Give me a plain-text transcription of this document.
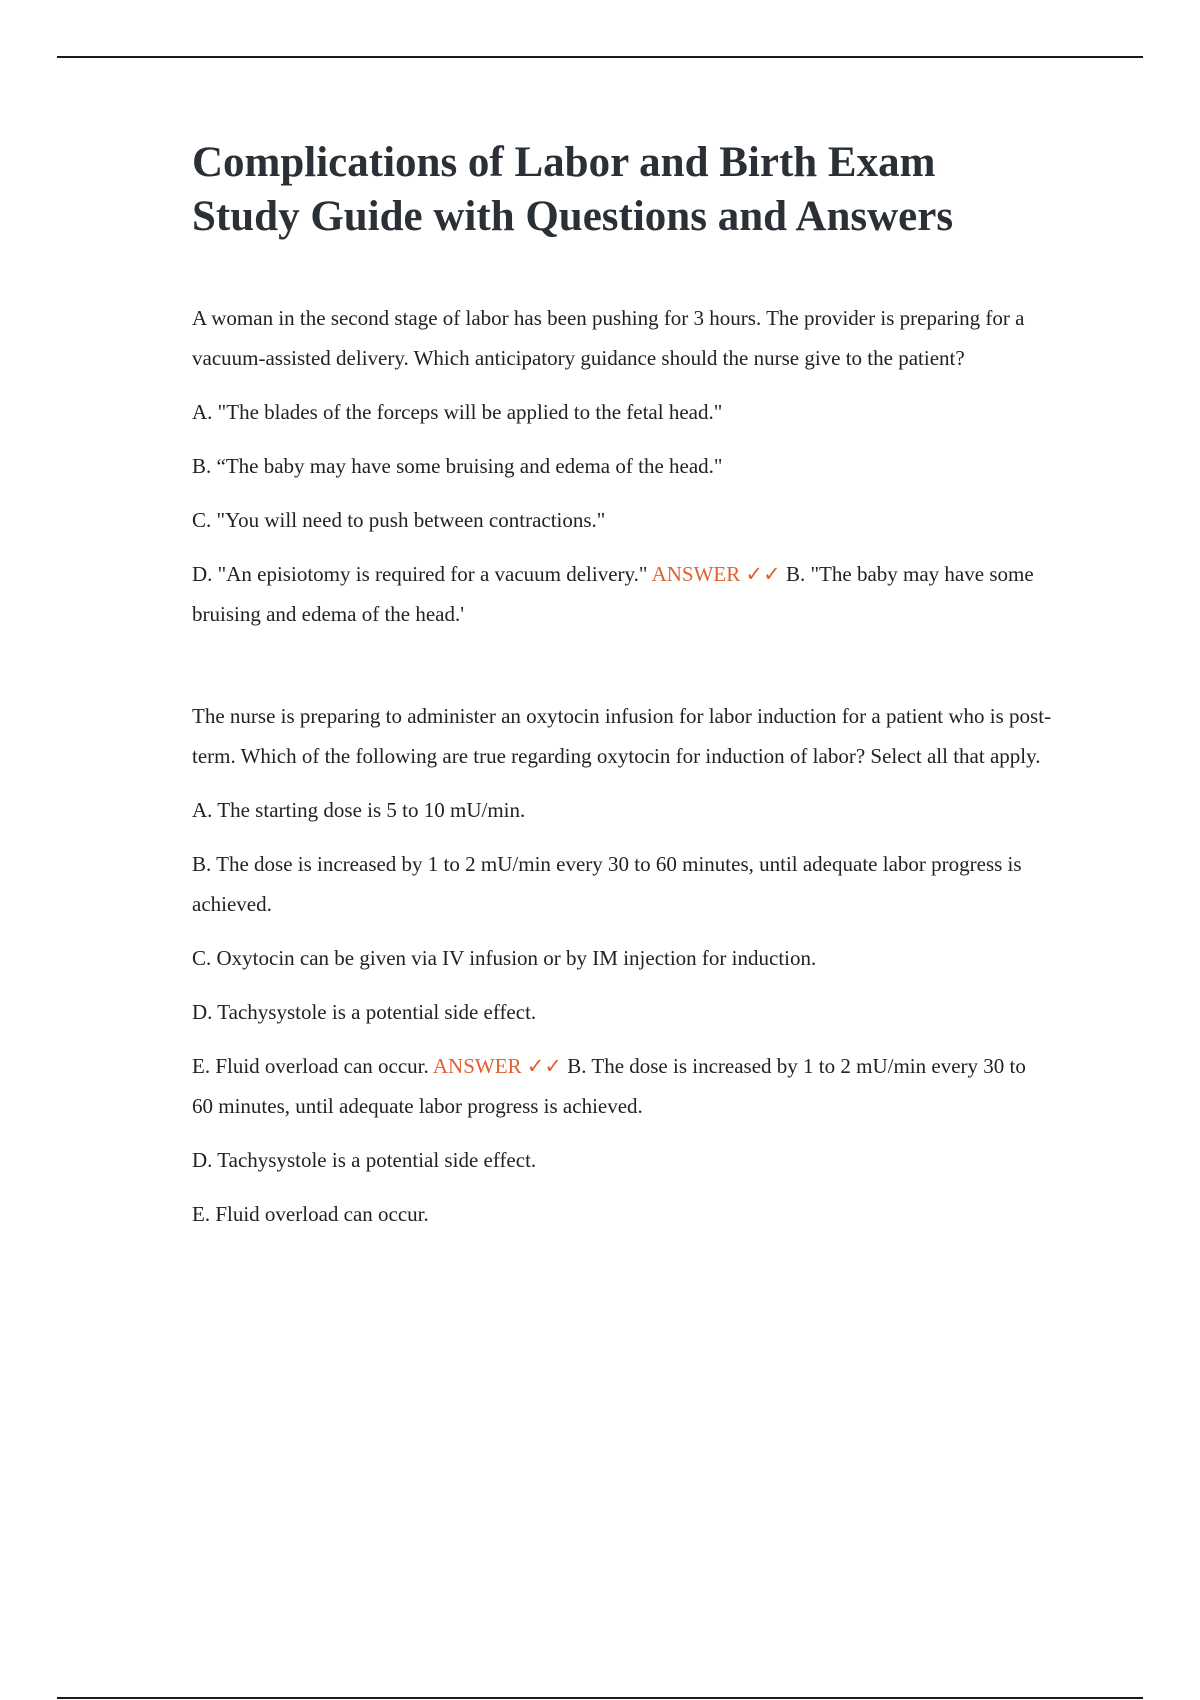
Complications of Labor and Birth Exam
Study Guide with Questions and Answers

A woman in the second stage of labor has been pushing for 3 hours. The provider is preparing for a vacuum-assisted delivery. Which anticipatory guidance should the nurse give to the patient?

A. "The blades of the forceps will be applied to the fetal head."

B. “The baby may have some bruising and edema of the head."

C. "You will need to push between contractions."

D. "An episiotomy is required for a vacuum delivery." ANSWER ✓✓ B. "The baby may have some bruising and edema of the head.'

The nurse is preparing to administer an oxytocin infusion for labor induction for a patient who is post-term. Which of the following are true regarding oxytocin for induction of labor? Select all that apply.

A. The starting dose is 5 to 10 mU/min.

B. The dose is increased by 1 to 2 mU/min every 30 to 60 minutes, until adequate labor progress is achieved.

C. Oxytocin can be given via IV infusion or by IM injection for induction.

D. Tachysystole is a potential side effect.

E. Fluid overload can occur. ANSWER ✓✓ B. The dose is increased by 1 to 2 mU/min every 30 to 60 minutes, until adequate labor progress is achieved.

D. Tachysystole is a potential side effect.

E. Fluid overload can occur.
